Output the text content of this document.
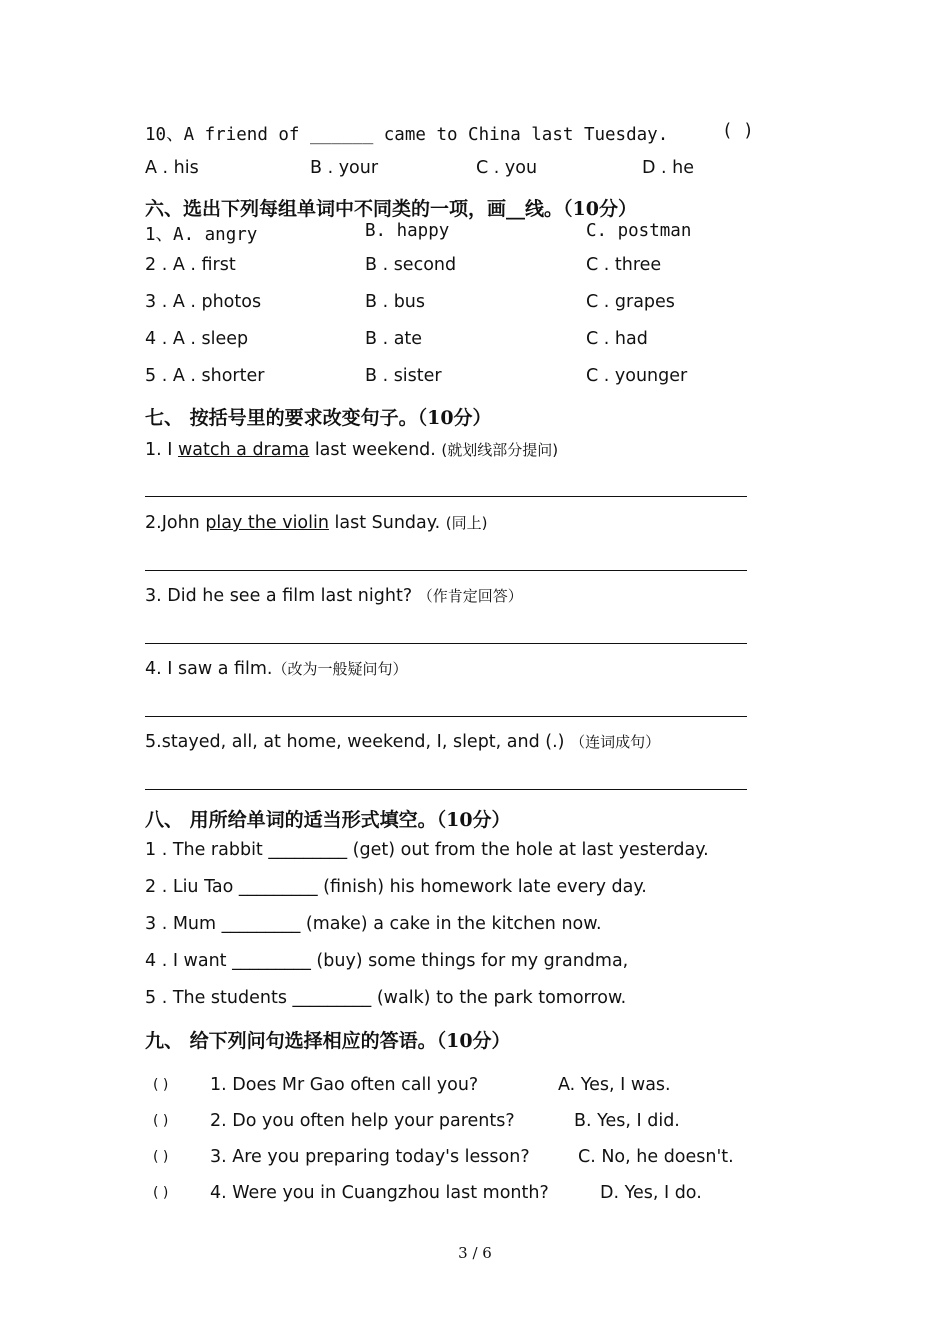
10、A friend of ______ came to China last Tuesday.	( )
A . his	B . your	C . you	D . he
六、选出下列每组单词中不同类的一项，画__线。（10分）
1、A. angry	B. happy	C. postman
2 . A . first	B . second	C . three
3 . A . photos	B . bus	C . grapes
4 . A . sleep	B . ate	C . had
5 . A . shorter	B . sister	C . younger
七、 按括号里的要求改变句子。（10分）
1. I watch a drama last weekend. (就划线部分提问)
2.John play the violin last Sunday. (同上)
3. Did he see a film last night? （作肯定回答）
4. I saw a film.（改为一般疑问句）
5.stayed, all, at home, weekend, I, slept, and (.) （连词成句）
八、 用所给单词的适当形式填空。（10分）
1 . The rabbit _________ (get) out from the hole at last yesterday.
2 . Liu Tao _________ (finish) his homework late every day.
3 . Mum _________ (make) a cake in the kitchen now.
4 . I want _________ (buy) some things for my grandma,
5 . The students _________ (walk) to the park tomorrow.
九、 给下列问句选择相应的答语。（10分）
( ) 1. Does Mr Gao often call you?	A. Yes, I was.
( ) 2. Do you often help your parents?	B. Yes, I did.
( ) 3. Are you preparing today's lesson?	C. No, he doesn't.
( ) 4. Were you in Cuangzhou last month?	D. Yes, I do.
3 / 6
